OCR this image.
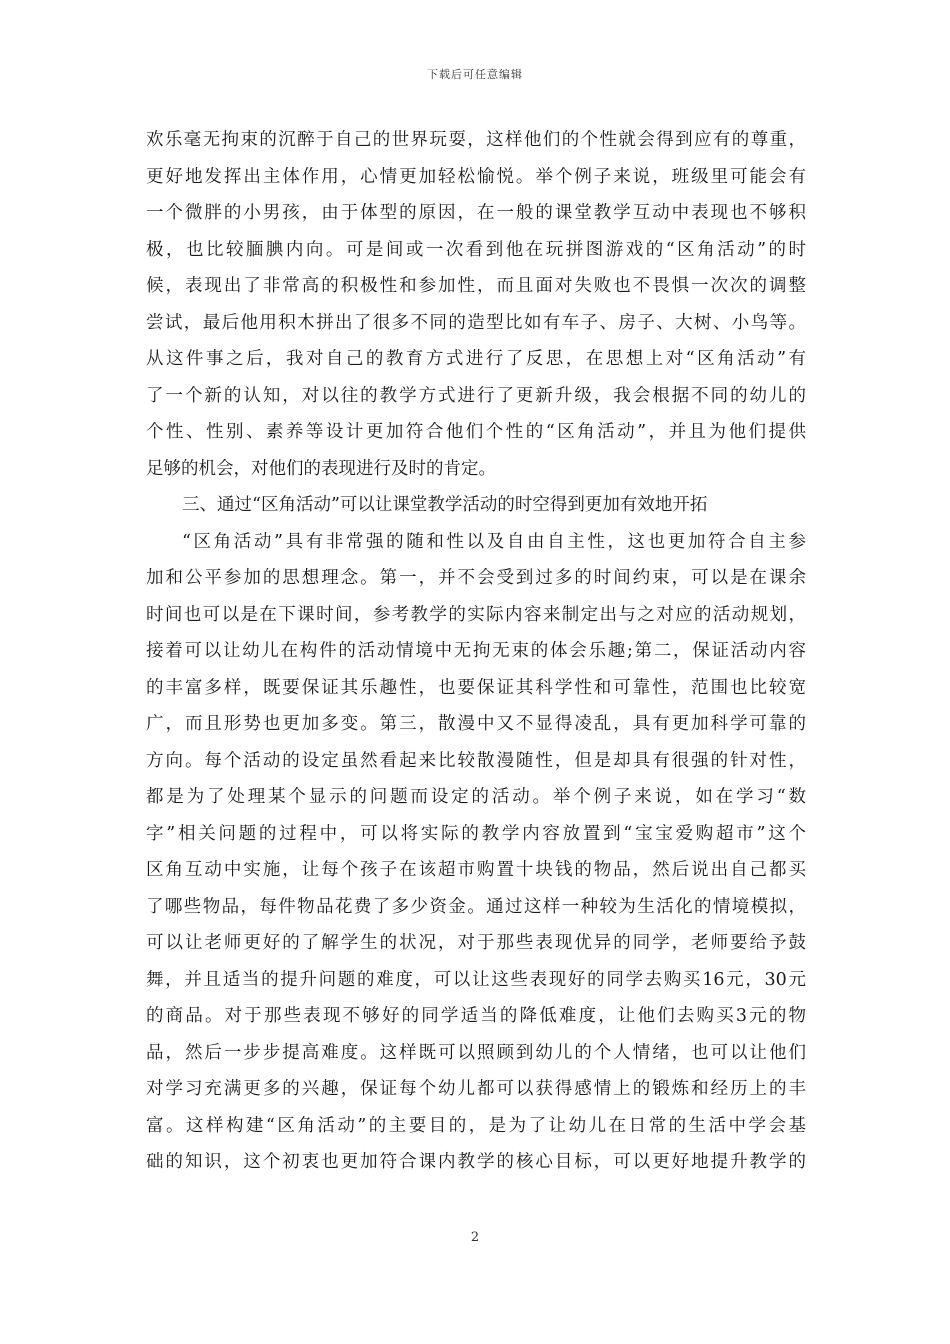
下载后可任意编辑
欢乐毫无拘束的沉醉于自己的世界玩耍，这样他们的个性就会得到应有的尊重，
更好地发挥出主体作用，心情更加轻松愉悦。举个例子来说，班级里可能会有
一个微胖的小男孩，由于体型的原因，在一般的课堂教学互动中表现也不够积
极，也比较腼腆内向。可是间或一次看到他在玩拼图游戏的“区角活动”的时
候，表现出了非常高的积极性和参加性，而且面对失败也不畏惧一次次的调整
尝试，最后他用积木拼出了很多不同的造型比如有车子、房子、大树、小鸟等。
从这件事之后，我对自己的教育方式进行了反思，在思想上对“区角活动”有
了一个新的认知，对以往的教学方式进行了更新升级，我会根据不同的幼儿的
个性、性别、素养等设计更加符合他们个性的“区角活动”，并且为他们提供
足够的机会，对他们的表现进行及时的肯定。
三、通过“区角活动”可以让课堂教学活动的时空得到更加有效地开拓
“区角活动”具有非常强的随和性以及自由自主性，这也更加符合自主参
加和公平参加的思想理念。第一，并不会受到过多的时间约束，可以是在课余
时间也可以是在下课时间，参考教学的实际内容来制定出与之对应的活动规划，
接着可以让幼儿在构件的活动情境中无拘无束的体会乐趣;第二，保证活动内容
的丰富多样，既要保证其乐趣性，也要保证其科学性和可靠性，范围也比较宽
广，而且形势也更加多变。第三，散漫中又不显得凌乱，具有更加科学可靠的
方向。每个活动的设定虽然看起来比较散漫随性，但是却具有很强的针对性，
都是为了处理某个显示的问题而设定的活动。举个例子来说，如在学习“数
字”相关问题的过程中，可以将实际的教学内容放置到“宝宝爱购超市”这个
区角互动中实施，让每个孩子在该超市购置十块钱的物品，然后说出自己都买
了哪些物品，每件物品花费了多少资金。通过这样一种较为生活化的情境模拟，
可以让老师更好的了解学生的状况，对于那些表现优异的同学，老师要给予鼓
舞，并且适当的提升问题的难度，可以让这些表现好的同学去购买16元，30元
的商品。对于那些表现不够好的同学适当的降低难度，让他们去购买3元的物
品，然后一步步提高难度。这样既可以照顾到幼儿的个人情绪，也可以让他们
对学习充满更多的兴趣，保证每个幼儿都可以获得感情上的锻炼和经历上的丰
富。这样构建“区角活动”的主要目的，是为了让幼儿在日常的生活中学会基
础的知识，这个初衷也更加符合课内教学的核心目标，可以更好地提升教学的
2
